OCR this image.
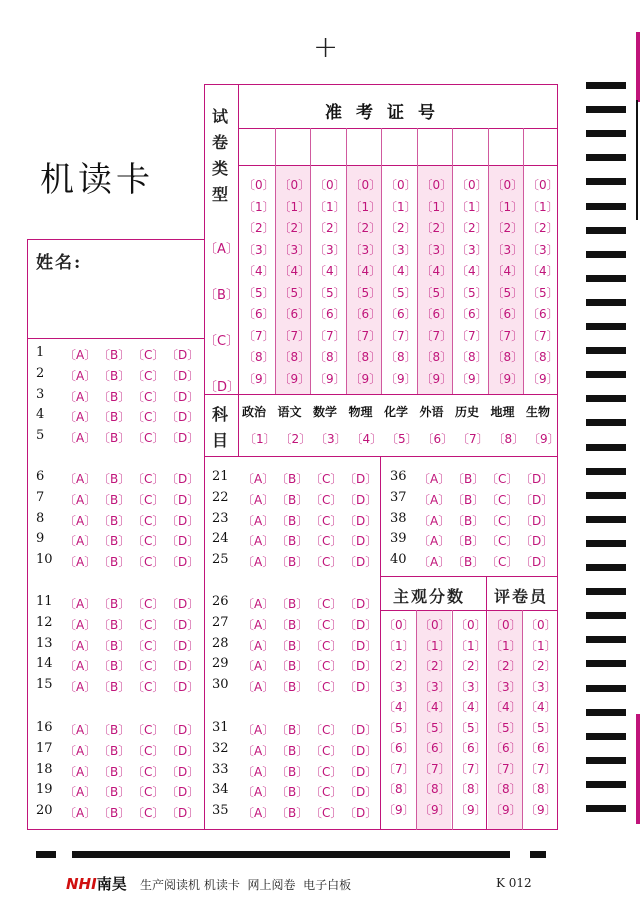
+
机读卡
姓名:
试卷类型
〔A〕
〔B〕
〔C〕
〔D〕
准考证号
〔0〕
〔1〕
〔2〕
〔3〕
〔4〕
〔5〕
〔6〕
〔7〕
〔8〕
〔9〕
〔0〕
〔1〕
〔2〕
〔3〕
〔4〕
〔5〕
〔6〕
〔7〕
〔8〕
〔9〕
〔0〕
〔1〕
〔2〕
〔3〕
〔4〕
〔5〕
〔6〕
〔7〕
〔8〕
〔9〕
〔0〕
〔1〕
〔2〕
〔3〕
〔4〕
〔5〕
〔6〕
〔7〕
〔8〕
〔9〕
〔0〕
〔1〕
〔2〕
〔3〕
〔4〕
〔5〕
〔6〕
〔7〕
〔8〕
〔9〕
〔0〕
〔1〕
〔2〕
〔3〕
〔4〕
〔5〕
〔6〕
〔7〕
〔8〕
〔9〕
〔0〕
〔1〕
〔2〕
〔3〕
〔4〕
〔5〕
〔6〕
〔7〕
〔8〕
〔9〕
〔0〕
〔1〕
〔2〕
〔3〕
〔4〕
〔5〕
〔6〕
〔7〕
〔8〕
〔9〕
〔0〕
〔1〕
〔2〕
〔3〕
〔4〕
〔5〕
〔6〕
〔7〕
〔8〕
〔9〕
科目
政治
〔1〕
语文
〔2〕
数学
〔3〕
物理
〔4〕
化学
〔5〕
外语
〔6〕
历史
〔7〕
地理
〔8〕
生物
〔9〕
主观分数 评卷员
〔0〕
〔1〕
〔2〕
〔3〕
〔4〕
〔5〕
〔6〕
〔7〕
〔8〕
〔9〕
〔0〕
〔1〕
〔2〕
〔3〕
〔4〕
〔5〕
〔6〕
〔7〕
〔8〕
〔9〕
〔0〕
〔1〕
〔2〕
〔3〕
〔4〕
〔5〕
〔6〕
〔7〕
〔8〕
〔9〕
〔0〕
〔1〕
〔2〕
〔3〕
〔4〕
〔5〕
〔6〕
〔7〕
〔8〕
〔9〕
〔0〕
〔1〕
〔2〕
〔3〕
〔4〕
〔5〕
〔6〕
〔7〕
〔8〕
〔9〕
1 〔A〕 〔B〕 〔C〕 〔D〕
2 〔A〕 〔B〕 〔C〕 〔D〕
3 〔A〕 〔B〕 〔C〕 〔D〕
4 〔A〕 〔B〕 〔C〕 〔D〕
5 〔A〕 〔B〕 〔C〕 〔D〕
6 〔A〕 〔B〕 〔C〕 〔D〕
7 〔A〕 〔B〕 〔C〕 〔D〕
8 〔A〕 〔B〕 〔C〕 〔D〕
9 〔A〕 〔B〕 〔C〕 〔D〕
10 〔A〕 〔B〕 〔C〕 〔D〕
11 〔A〕 〔B〕 〔C〕 〔D〕
12 〔A〕 〔B〕 〔C〕 〔D〕
13 〔A〕 〔B〕 〔C〕 〔D〕
14 〔A〕 〔B〕 〔C〕 〔D〕
15 〔A〕 〔B〕 〔C〕 〔D〕
16 〔A〕 〔B〕 〔C〕 〔D〕
17 〔A〕 〔B〕 〔C〕 〔D〕
18 〔A〕 〔B〕 〔C〕 〔D〕
19 〔A〕 〔B〕 〔C〕 〔D〕
20 〔A〕 〔B〕 〔C〕 〔D〕
21 〔A〕 〔B〕 〔C〕 〔D〕
22 〔A〕 〔B〕 〔C〕 〔D〕
23 〔A〕 〔B〕 〔C〕 〔D〕
24 〔A〕 〔B〕 〔C〕 〔D〕
25 〔A〕 〔B〕 〔C〕 〔D〕
26 〔A〕 〔B〕 〔C〕 〔D〕
27 〔A〕 〔B〕 〔C〕 〔D〕
28 〔A〕 〔B〕 〔C〕 〔D〕
29 〔A〕 〔B〕 〔C〕 〔D〕
30 〔A〕 〔B〕 〔C〕 〔D〕
31 〔A〕 〔B〕 〔C〕 〔D〕
32 〔A〕 〔B〕 〔C〕 〔D〕
33 〔A〕 〔B〕 〔C〕 〔D〕
34 〔A〕 〔B〕 〔C〕 〔D〕
35 〔A〕 〔B〕 〔C〕 〔D〕
36 〔A〕 〔B〕 〔C〕 〔D〕
37 〔A〕 〔B〕 〔C〕 〔D〕
38 〔A〕 〔B〕 〔C〕 〔D〕
39 〔A〕 〔B〕 〔C〕 〔D〕
40 〔A〕 〔B〕 〔C〕 〔D〕
NHI南昊 生产阅读机 机读卡  网上阅卷  电子白板	K 012
